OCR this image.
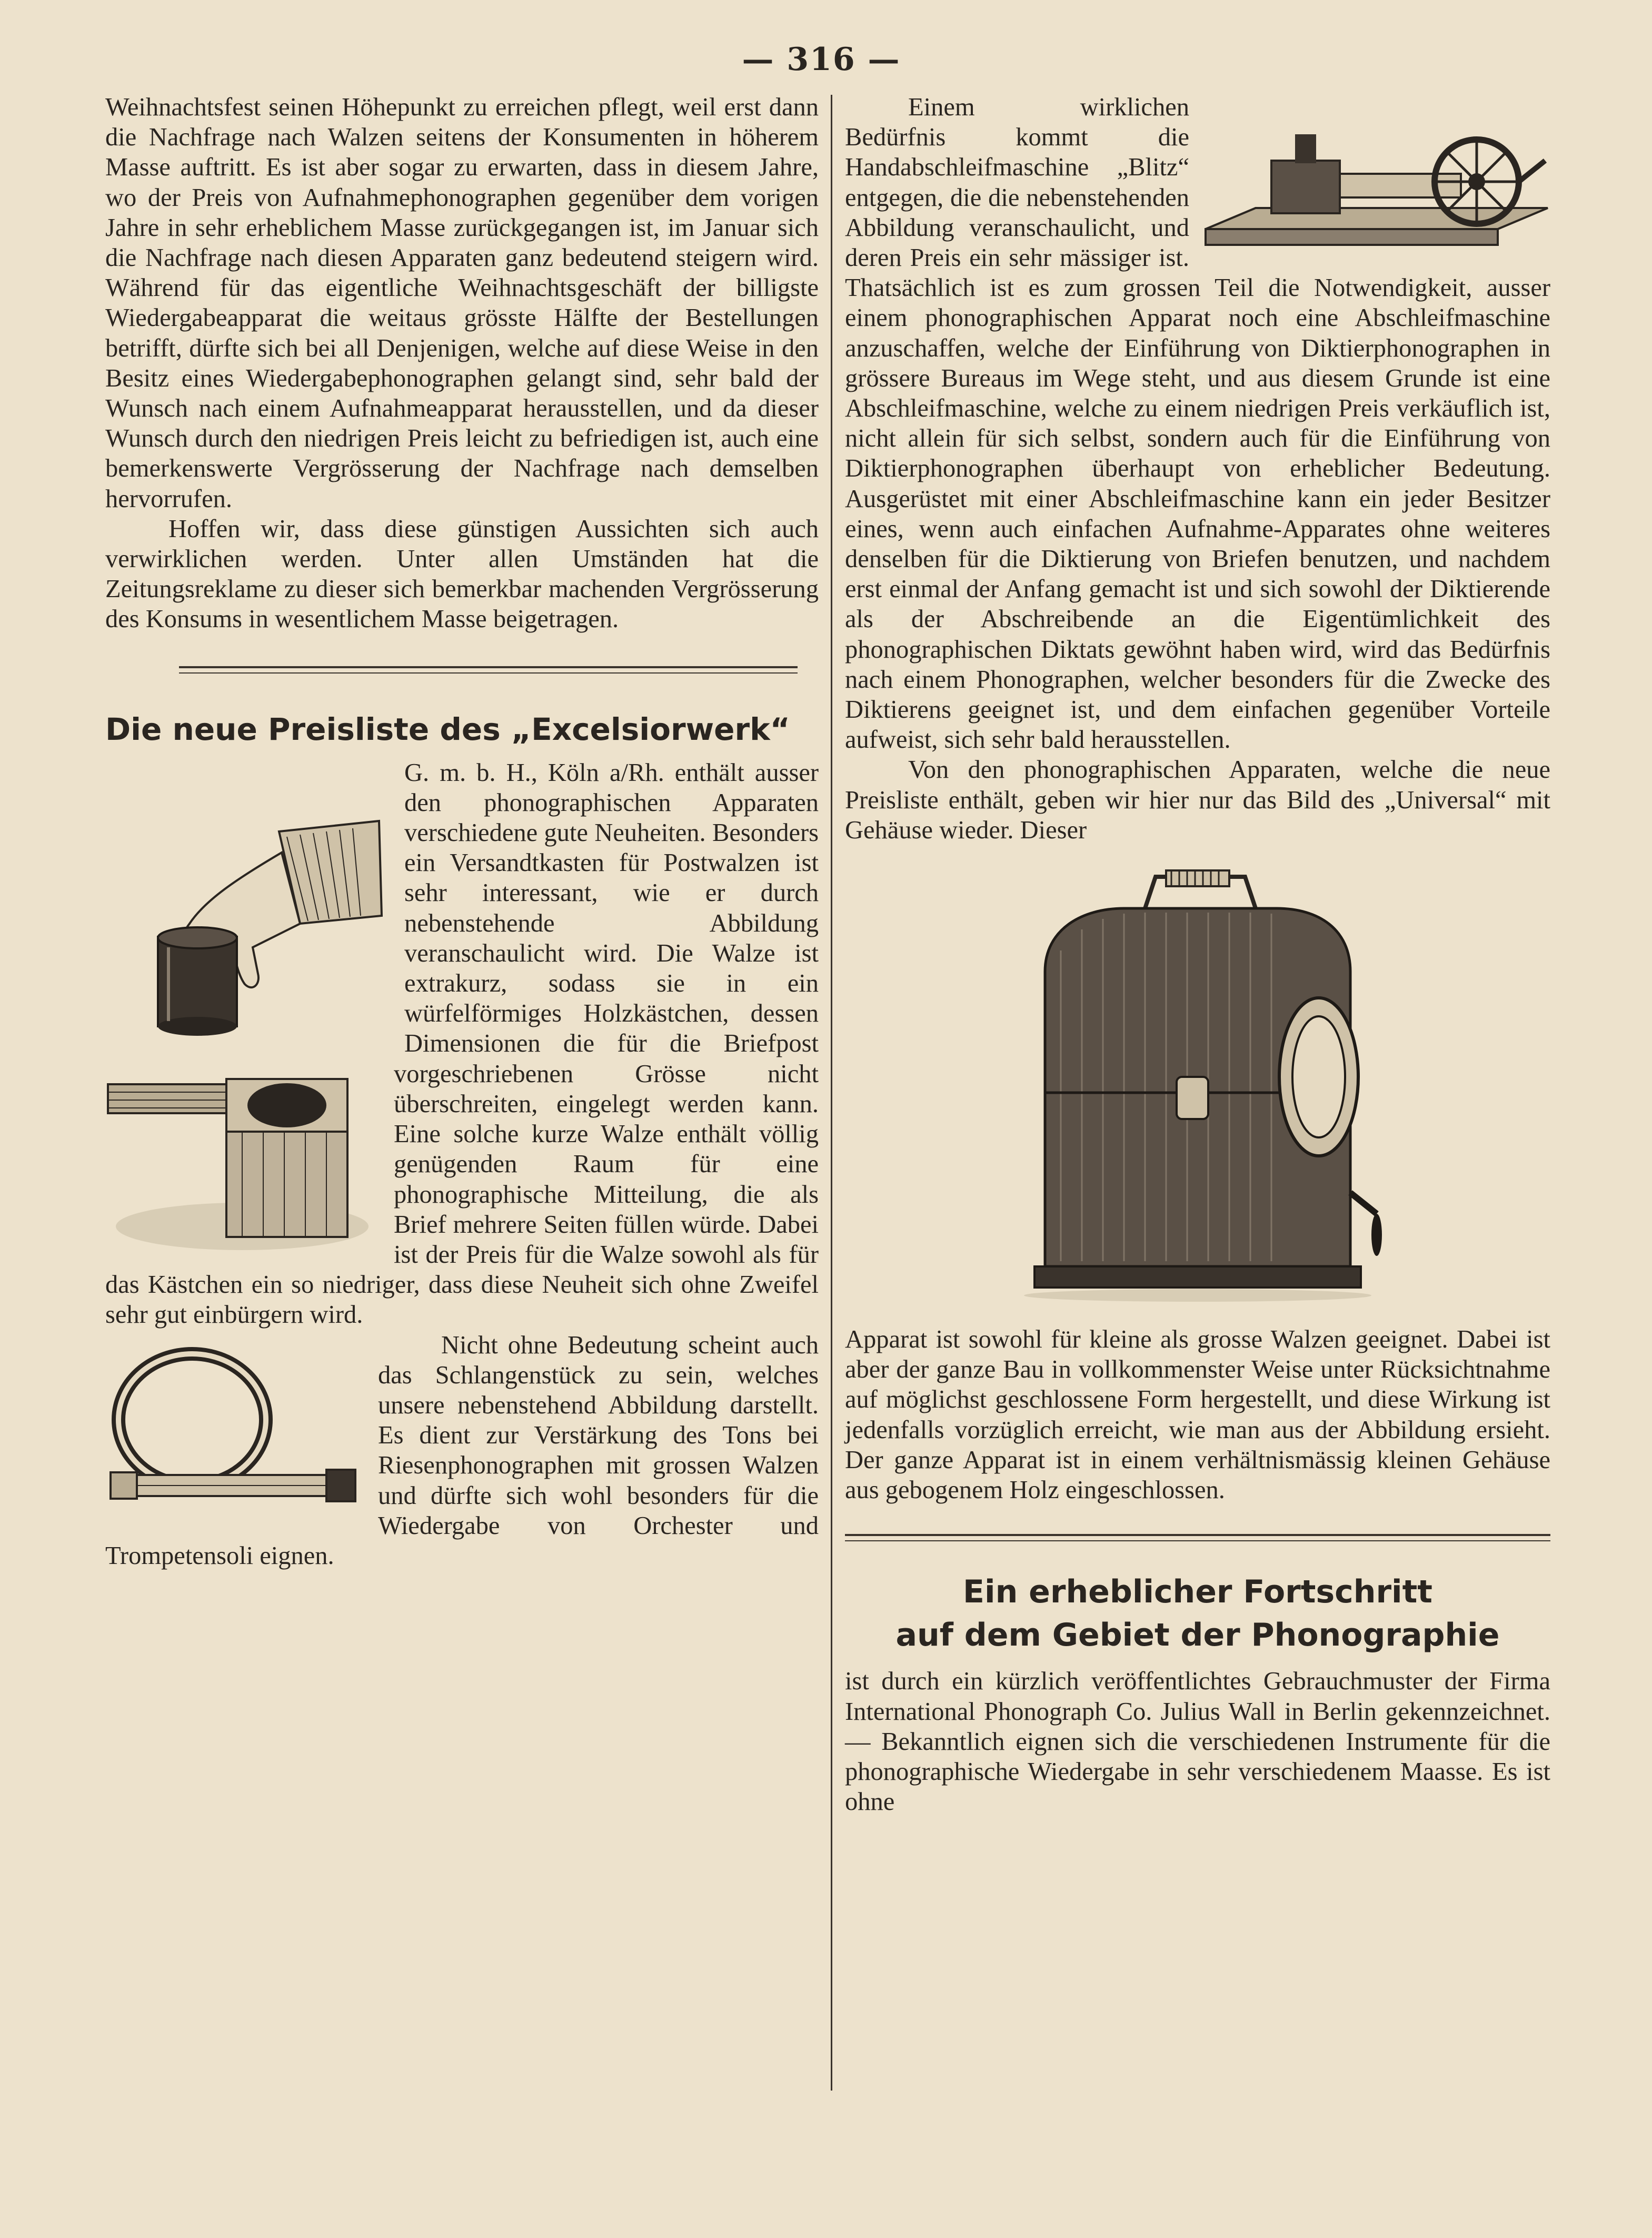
— 316 —

Weihnachtsfest seinen Höhepunkt zu erreichen pflegt, weil erst dann die Nachfrage nach Walzen seitens der Konsumenten in höherem Masse auftritt. Es ist aber sogar zu erwarten, dass in diesem Jahre, wo der Preis von Aufnahmephonographen gegenüber dem vorigen Jahre in sehr erheblichem Masse zurückgegangen ist, im Januar sich die Nachfrage nach diesen Apparaten ganz bedeutend steigern wird. Während für das eigentliche Weihnachtsgeschäft der billigste Wiedergabeapparat die weitaus grösste Hälfte der Bestellungen betrifft, dürfte sich bei all Denjenigen, welche auf diese Weise in den Besitz eines Wiedergabephonographen gelangt sind, sehr bald der Wunsch nach einem Aufnahmeapparat herausstellen, und da dieser Wunsch durch den niedrigen Preis leicht zu befriedigen ist, auch eine bemerkenswerte Vergrösserung der Nachfrage nach demselben hervorrufen.

Hoffen wir, dass diese günstigen Aussichten sich auch verwirklichen werden. Unter allen Umständen hat die Zeitungsreklame zu dieser sich bemerkbar machenden Vergrösserung des Konsums in wesentlichem Masse beigetragen.

Die neue Preisliste des „Excelsiorwerk“

G. m. b. H., Köln a/Rh. enthält ausser den phonographischen Apparaten verschiedene gute Neuheiten. Besonders ein Versandtkasten für Postwalzen ist sehr interessant, wie er durch nebenstehende Abbildung veranschaulicht wird. Die Walze ist extrakurz, sodass sie in ein würfelförmiges Holzkästchen, dessen Dimensionen die für die Briefpost vorgeschriebenen Grösse nicht überschreiten, eingelegt werden kann. Eine solche kurze Walze enthält völlig genügenden Raum für eine phonographische Mitteilung, die als Brief mehrere Seiten füllen würde. Dabei ist der Preis für die Walze sowohl als für das Kästchen ein so niedriger, dass diese Neuheit sich ohne Zweifel sehr gut einbürgern wird.

Nicht ohne Bedeutung scheint auch das Schlangenstück zu sein, welches unsere nebenstehend Abbildung darstellt. Es dient zur Verstärkung des Tons bei Riesenphonographen mit grossen Walzen und dürfte sich wohl besonders für die Wiedergabe von Orchester und Trompetensoli eignen.

Einem wirklichen Bedürfnis kommt die Handabschleifmaschine „Blitz“ entgegen, die die nebenstehenden Abbildung veranschaulicht, und deren Preis ein sehr mässiger ist. Thatsächlich ist es zum grossen Teil die Notwendigkeit, ausser einem phonographischen Apparat noch eine Abschleifmaschine anzuschaffen, welche der Einführung von Diktierphonographen in grössere Bureaus im Wege steht, und aus diesem Grunde ist eine Abschleifmaschine, welche zu einem niedrigen Preis verkäuflich ist, nicht allein für sich selbst, sondern auch für die Einführung von Diktierphonographen überhaupt von erheblicher Bedeutung. Ausgerüstet mit einer Abschleifmaschine kann ein jeder Besitzer eines, wenn auch einfachen Aufnahme-Apparates ohne weiteres denselben für die Diktierung von Briefen benutzen, und nachdem erst einmal der Anfang gemacht ist und sich sowohl der Diktierende als der Abschreibende an die Eigentümlichkeit des phonographischen Diktats gewöhnt haben wird, wird das Bedürfnis nach einem Phonographen, welcher besonders für die Zwecke des Diktierens geeignet ist, und dem einfachen gegenüber Vorteile aufweist, sich sehr bald herausstellen.

Von den phonographischen Apparaten, welche die neue Preisliste enthält, geben wir hier nur das Bild des „Universal“ mit Gehäuse wieder. Dieser

Apparat ist sowohl für kleine als grosse Walzen geeignet. Dabei ist aber der ganze Bau in vollkommenster Weise unter Rücksichtnahme auf möglichst geschlossene Form hergestellt, und diese Wirkung ist jedenfalls vorzüglich erreicht, wie man aus der Abbildung ersieht. Der ganze Apparat ist in einem verhältnismässig kleinen Gehäuse aus gebogenem Holz eingeschlossen.

Ein erheblicher Fortschritt
auf dem Gebiet der Phonographie

ist durch ein kürzlich veröffentlichtes Gebrauchmuster der Firma International Phonograph Co. Julius Wall in Berlin gekennzeichnet. — Bekanntlich eignen sich die verschiedenen Instrumente für die phonographische Wiedergabe in sehr verschiedenem Maasse. Es ist ohne
